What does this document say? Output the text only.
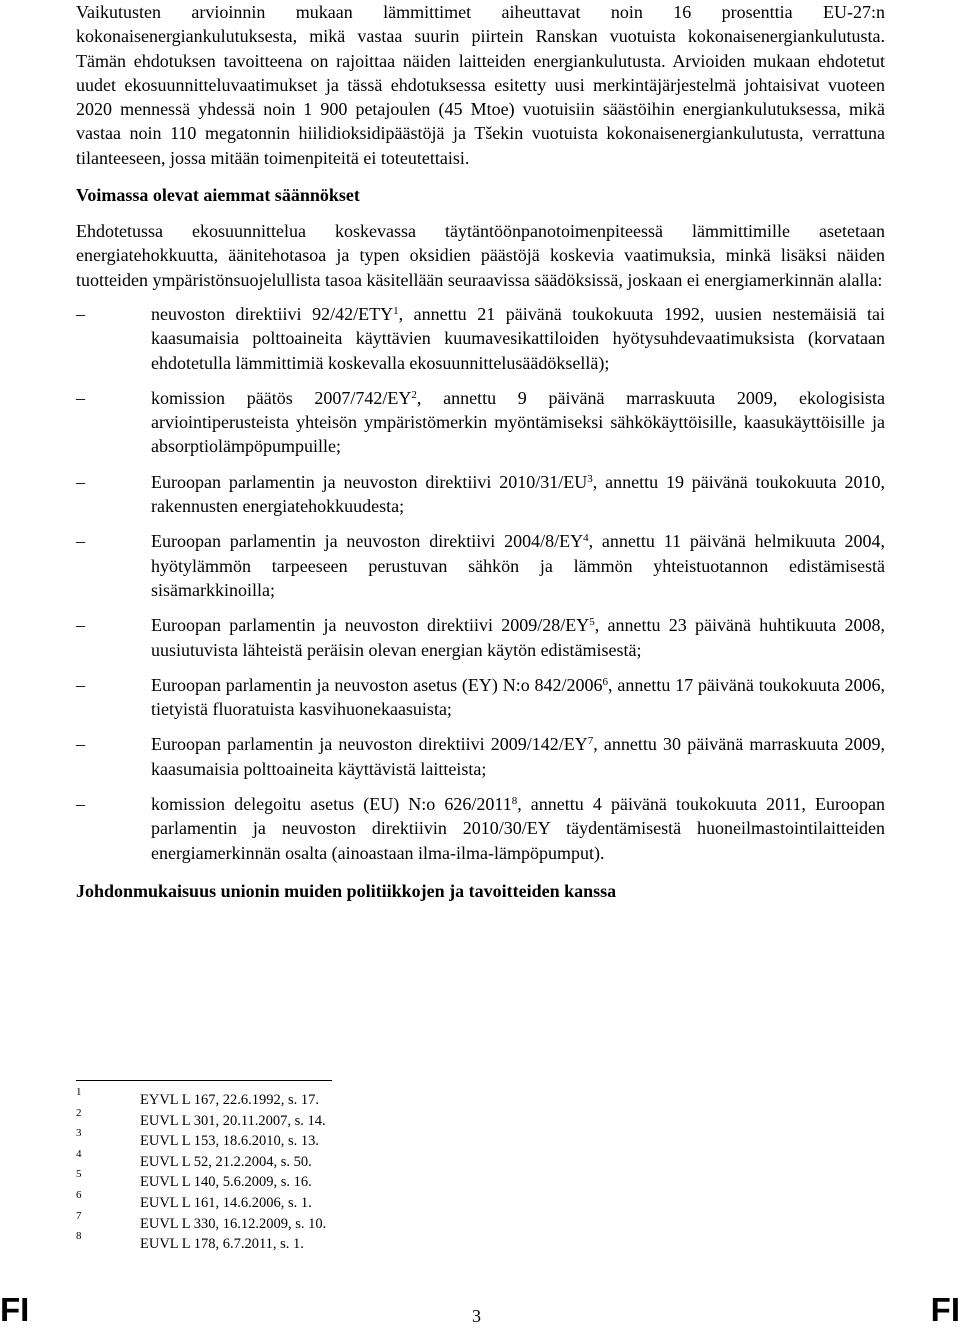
Vaikutusten arvioinnin mukaan lämmittimet aiheuttavat noin 16 prosenttia EU-27:n kokonaisenergiankulutuksesta, mikä vastaa suurin piirtein Ranskan vuotuista kokonaisenergiankulutusta. Tämän ehdotuksen tavoitteena on rajoittaa näiden laitteiden energiankulutusta. Arvioiden mukaan ehdotetut uudet ekosuunnitteluvaatimukset ja tässä ehdotuksessa esitetty uusi merkintäjärjestelmä johtaisivat vuoteen 2020 mennessä yhdessä noin 1 900 petajoulen (45 Mtoe) vuotuisiin säästöihin energiankulutuksessa, mikä vastaa noin 110 megatonnin hiilidioksidipäästöjä ja Tšekin vuotuista kokonaisenergiankulutusta, verrattuna tilanteeseen, jossa mitään toimenpiteitä ei toteutettaisi.

Voimassa olevat aiemmat säännökset

Ehdotetussa ekosuunnittelua koskevassa täytäntöönpanotoimenpiteessä lämmittimille asetetaan energiatehokkuutta, äänitehotasoa ja typen oksidien päästöjä koskevia vaatimuksia, minkä lisäksi näiden tuotteiden ympäristönsuojelullista tasoa käsitellään seuraavissa säädöksissä, joskaan ei energiamerkinnän alalla:

–	neuvoston direktiivi 92/42/ETY$^1$, annettu 21 päivänä toukokuuta 1992, uusien nestemäisiä tai kaasumaisia polttoaineita käyttävien kuumavesikattiloiden hyötysuhdevaatimuksista (korvataan ehdotetulla lämmittimiä koskevalla ekosuunnittelusäädöksellä);
–	komission päätös $2007/742/EY^2$, annettu 9 päivänä marraskuuta 2009, ekologisista arviointiperusteista yhteisön ympäristömerkin myöntämiseksi sähkökäyttöisille, kaasukäyttöisille ja absorptiolämpöpumpuille;
–	Euroopan parlamentin ja neuvoston direktiivi $2010/31/EU^3$, annettu 19 päivänä toukokuuta 2010, rakennusten energiatehokkuudesta;
–	Euroopan parlamentin ja neuvoston direktiivi $2004/8/EY^4$, annettu 11 päivänä helmikuuta 2004, hyötylämmön tarpeeseen perustuvan sähkön ja lämmön yhteistuotannon edistämisestä sisämarkkinoilla;
–	Euroopan parlamentin ja neuvoston direktiivi $2009/28/EY^5$, annettu 23 päivänä huhtikuuta 2008, uusiutuvista lähteistä peräisin olevan energian käytön edistämisestä;
–	Euroopan parlamentin ja neuvoston asetus (EY) N:o 842/2006$^6$, annettu 17 päivänä toukokuuta 2006, tietyistä fluoratuista kasvihuonekaasuista;
–	Euroopan parlamentin ja neuvoston direktiivi $2009/142/EY^7$, annettu 30 päivänä marraskuuta 2009, kaasumaisia polttoaineita käyttävistä laitteista;
–	komission delegoitu asetus (EU) N:o 626/2011$^8$, annettu 4 päivänä toukokuuta 2011, Euroopan parlamentin ja neuvoston direktiivin 2010/30/EY täydentämisestä huoneilmastointilaitteiden energiamerkinnän osalta (ainoastaan ilma-ilma-lämpöpumput).
Johdonmukaisuus unionin muiden politiikkojen ja tavoitteiden kanssa
1	EYVL L 167, 22.6.1992, s. 17.
2	EUVL L 301, 20.11.2007, s. 14.
3	EUVL L 153, 18.6.2010, s. 13.
4	EUVL L 52, 21.2.2004, s. 50.
5	EUVL L 140, 5.6.2009, s. 16.
6	EUVL L 161, 14.6.2006, s. 1.
7	EUVL L 330, 16.12.2009, s. 10.
8	EUVL L 178, 6.7.2011, s. 1.
FI	3	FI
